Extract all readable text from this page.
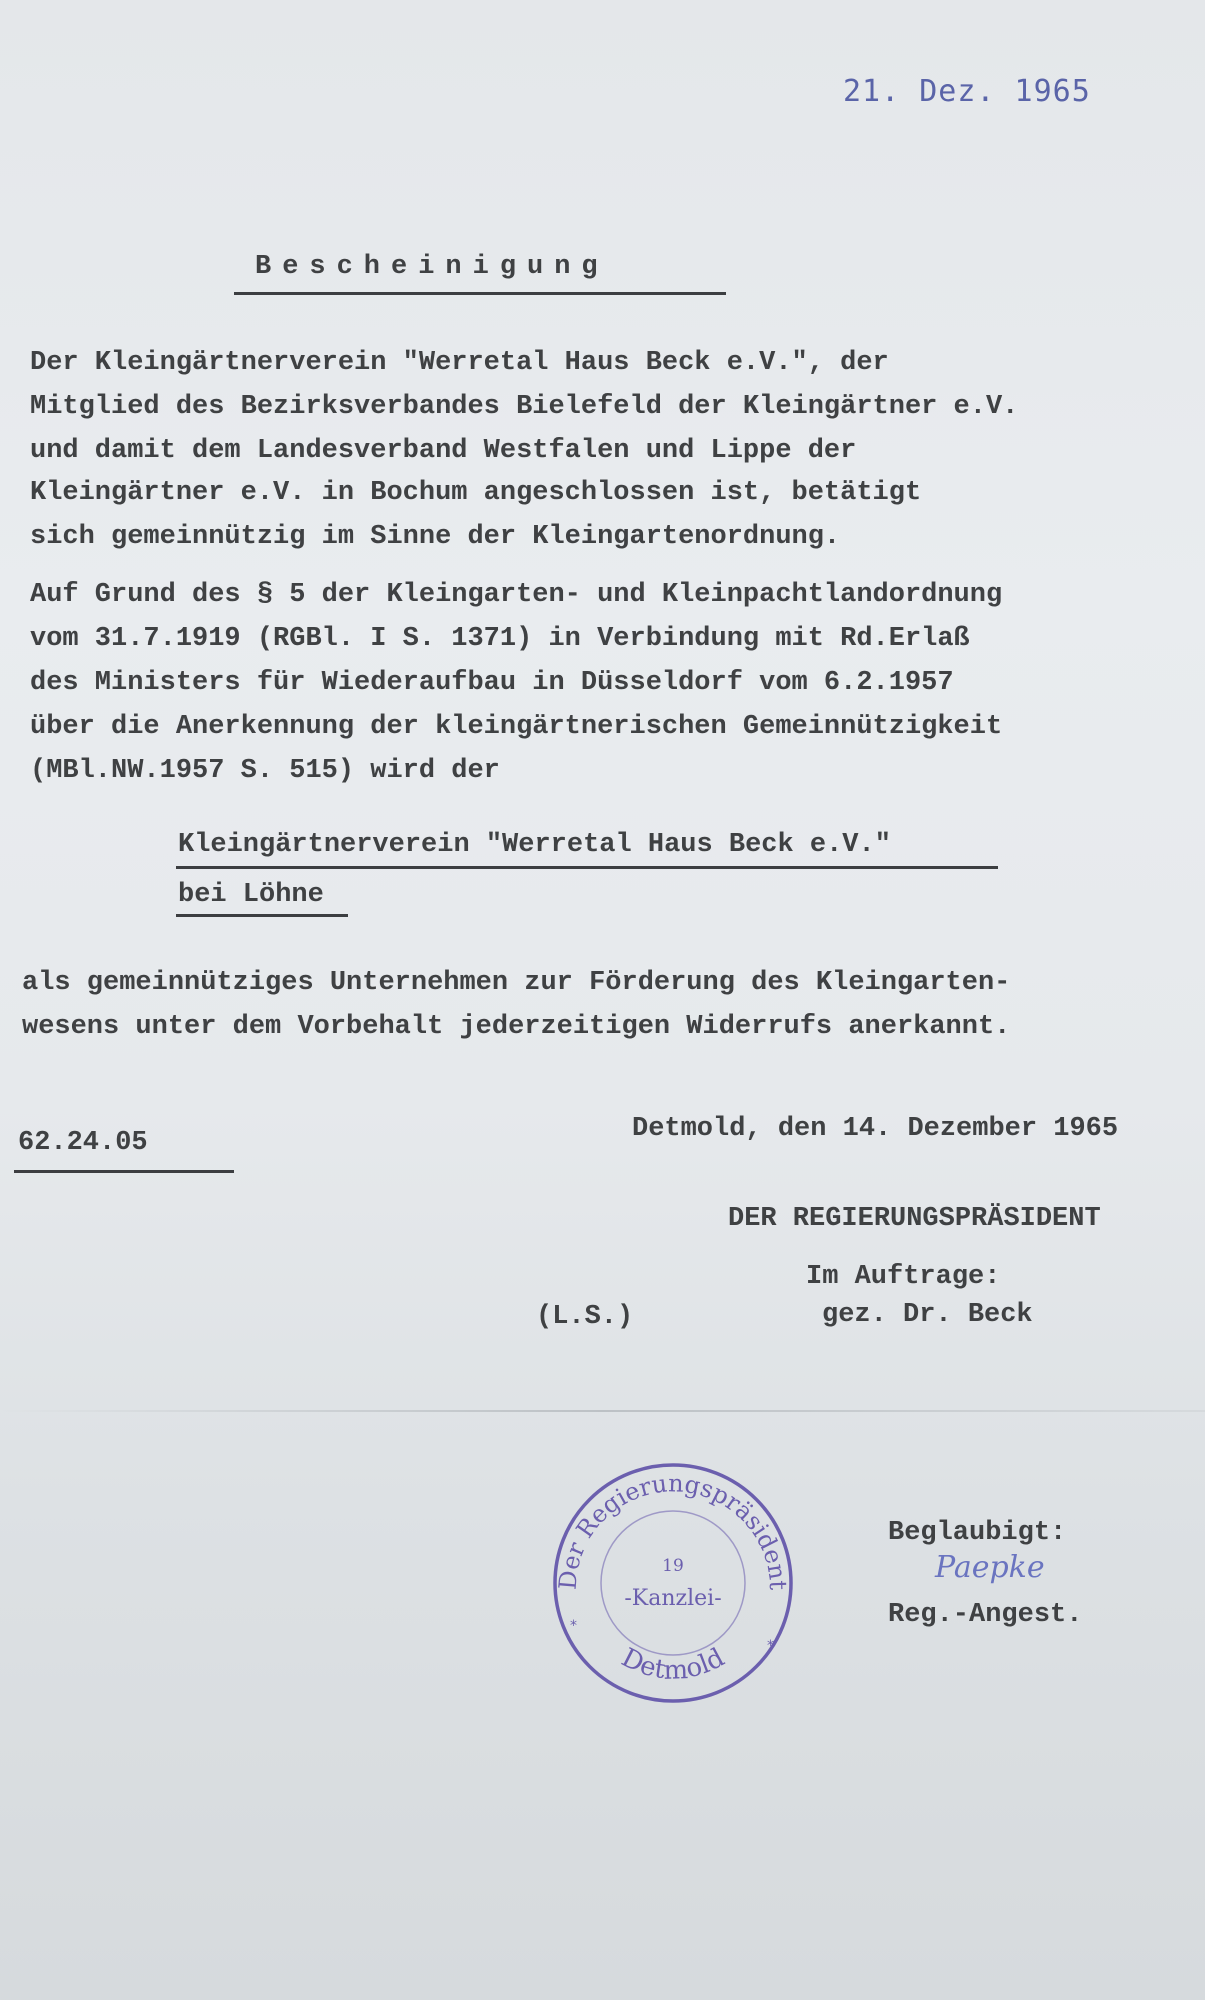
21. Dez. 1965
Bescheinigung
Der Kleingärtnerverein "Werretal Haus Beck e.V.", der
Mitglied des Bezirksverbandes Bielefeld der Kleingärtner e.V.
und damit dem Landesverband Westfalen und Lippe der
Kleingärtner e.V. in Bochum angeschlossen ist, betätigt
sich gemeinnützig im Sinne der Kleingartenordnung.
Auf Grund des § 5 der Kleingarten- und Kleinpachtlandordnung
vom 31.7.1919 (RGBl. I S. 1371) in Verbindung mit Rd.Erlaß
des Ministers für Wiederaufbau in Düsseldorf vom 6.2.1957
über die Anerkennung der kleingärtnerischen Gemeinnützigkeit
(MBl.NW.1957 S. 515) wird der
Kleingärtnerverein "Werretal Haus Beck e.V."
bei Löhne
als gemeinnütziges Unternehmen zur Förderung des Kleingarten-
wesens unter dem Vorbehalt jederzeitigen Widerrufs anerkannt.
62.24.05	Detmold, den 14. Dezember 1965
DER REGIERUNGSPRÄSIDENT
Im Auftrage:
(L.S.)	gez. Dr. Beck
Der Regierungspräsident
Detmold
19
-Kanzlei-
*
*
Beglaubigt:
Paepke
Reg.-Angest.
